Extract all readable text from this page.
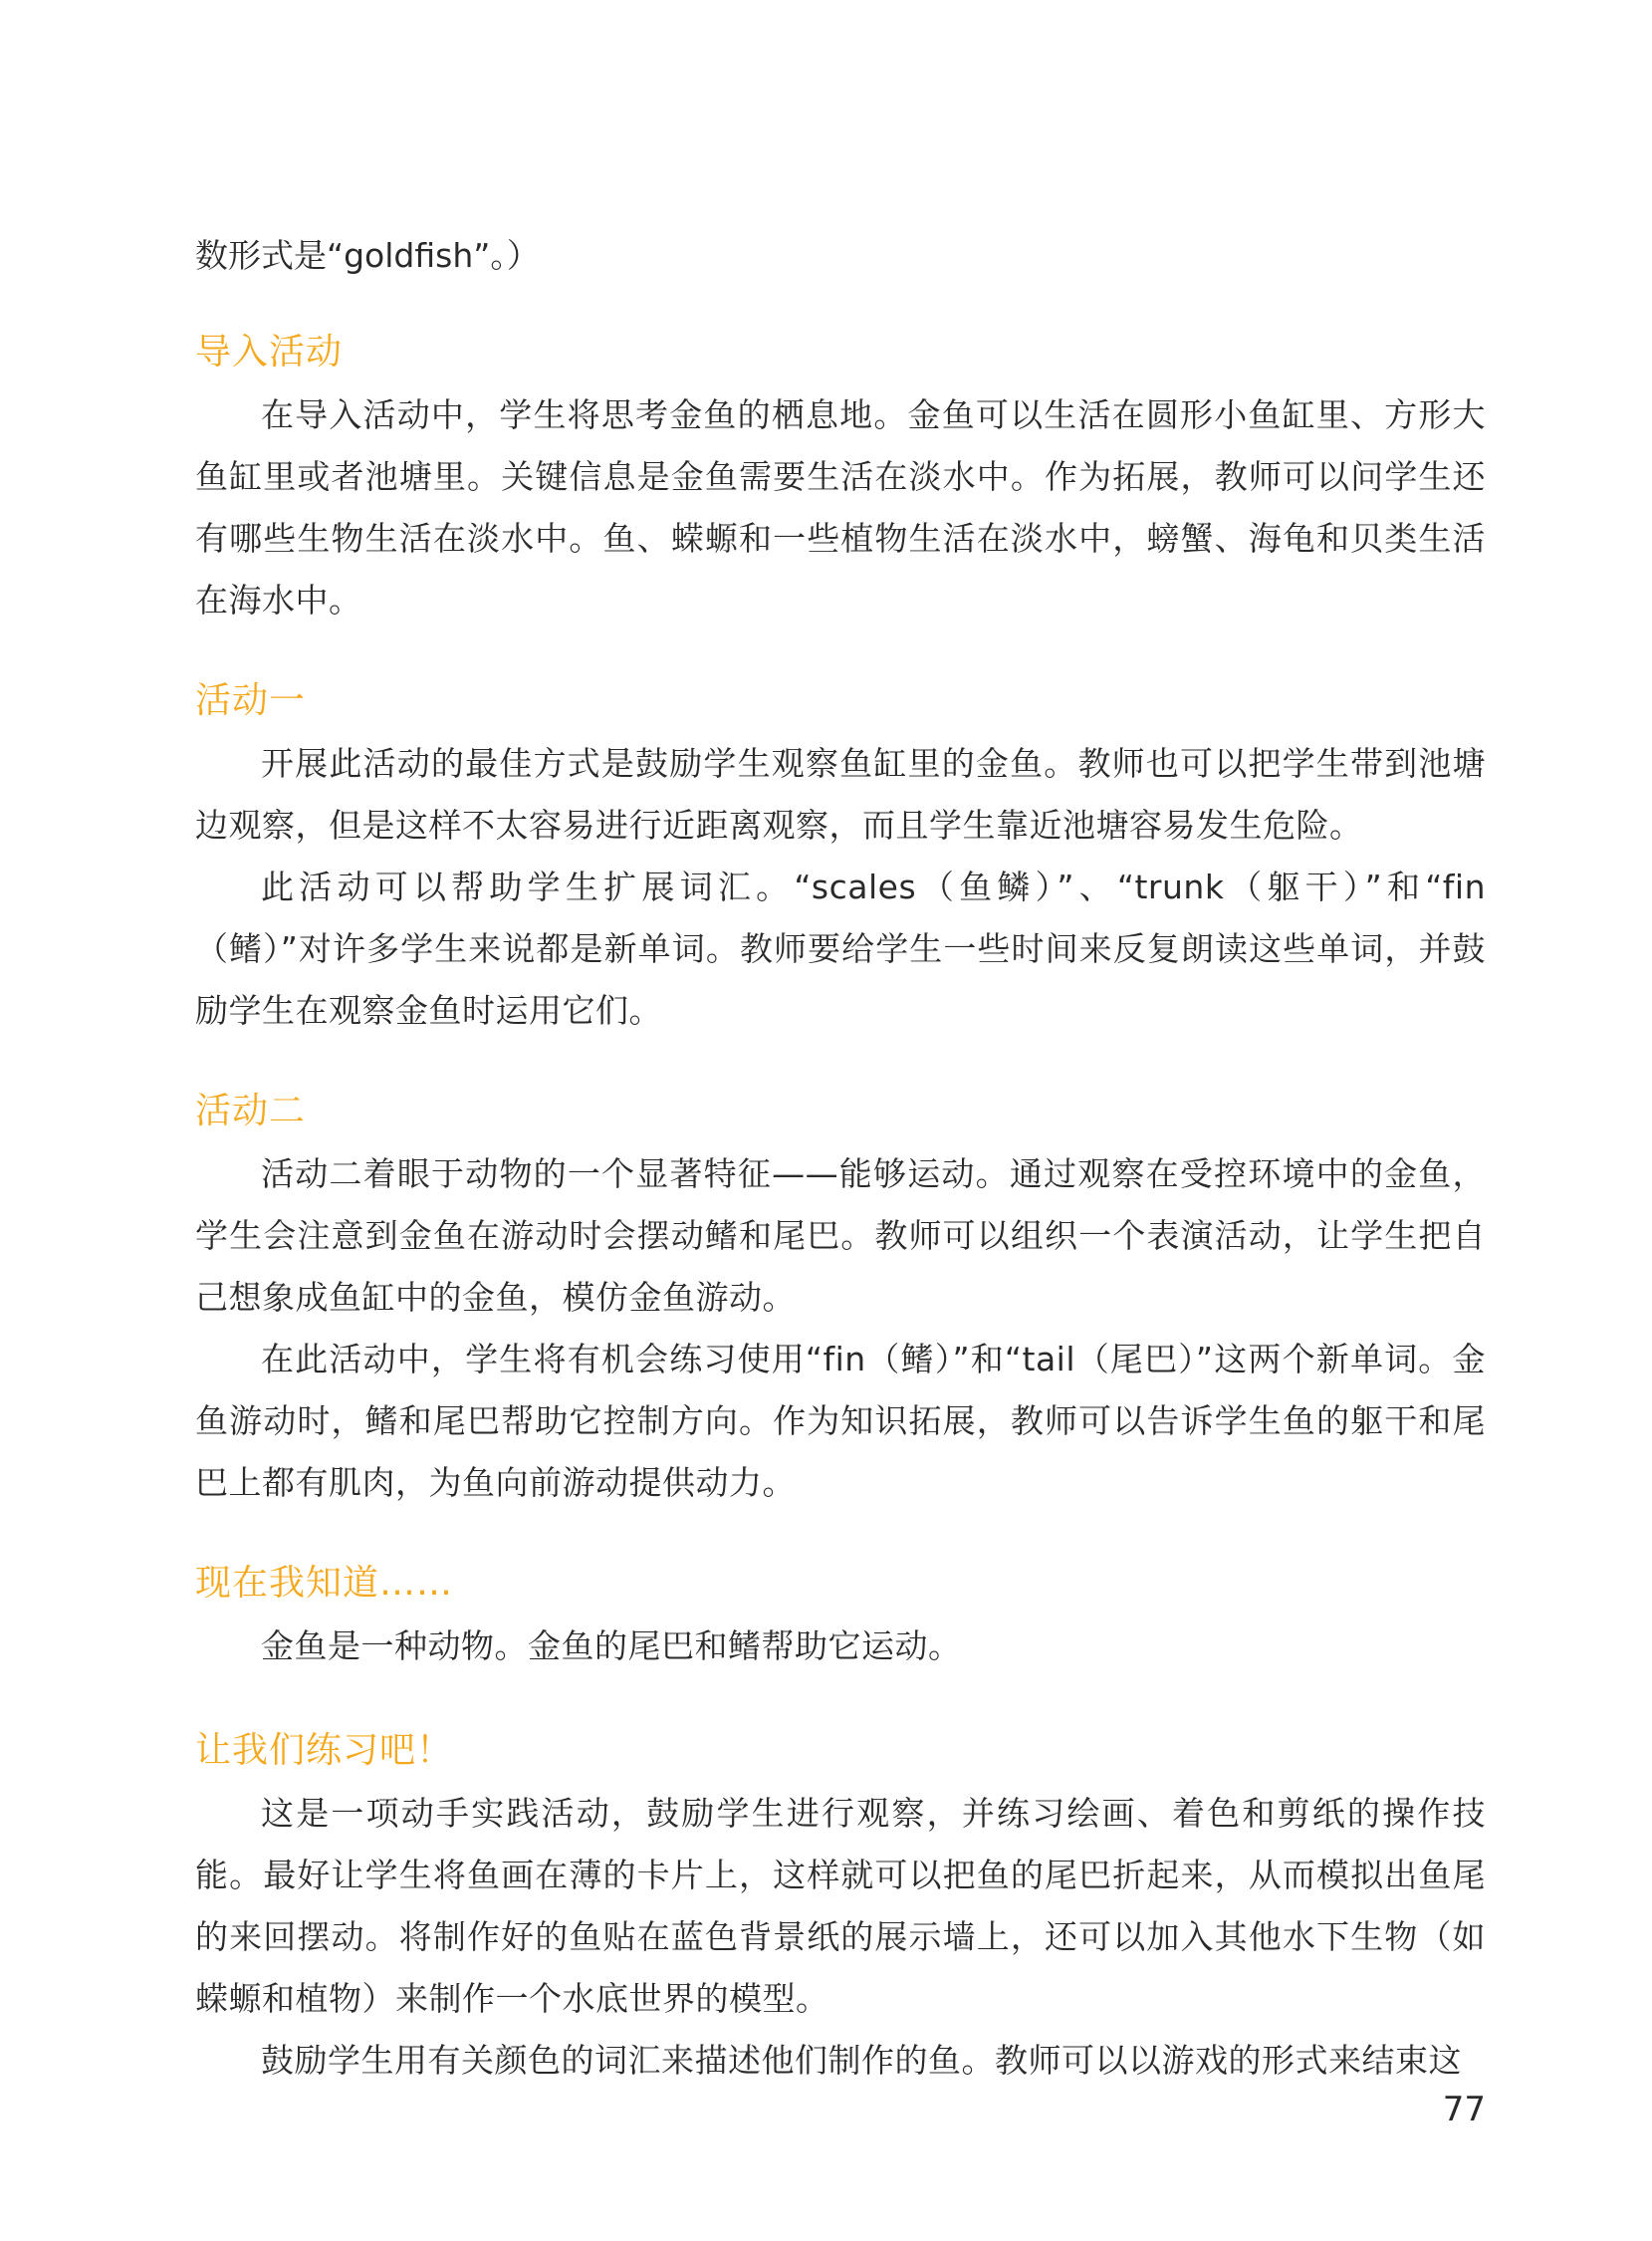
数形式是“goldfish”。）

导入活动

在导入活动中，学生将思考金鱼的栖息地。金鱼可以生活在圆形小鱼缸里、方形大鱼缸里或者池塘里。关键信息是金鱼需要生活在淡水中。作为拓展，教师可以问学生还有哪些生物生活在淡水中。鱼、蝾螈和一些植物生活在淡水中，螃蟹、海龟和贝类生活在海水中。

活动一

开展此活动的最佳方式是鼓励学生观察鱼缸里的金鱼。教师也可以把学生带到池塘边观察，但是这样不太容易进行近距离观察，而且学生靠近池塘容易发生危险。

此活动可以帮助学生扩展词汇。“scales（鱼鳞）”、“trunk（躯干）”和“fin（鳍）”对许多学生来说都是新单词。教师要给学生一些时间来反复朗读这些单词，并鼓励学生在观察金鱼时运用它们。

活动二

活动二着眼于动物的一个显著特征——能够运动。通过观察在受控环境中的金鱼，学生会注意到金鱼在游动时会摆动鳍和尾巴。教师可以组织一个表演活动，让学生把自己想象成鱼缸中的金鱼，模仿金鱼游动。

在此活动中，学生将有机会练习使用“fin（鳍）”和“tail（尾巴）”这两个新单词。金鱼游动时，鳍和尾巴帮助它控制方向。作为知识拓展，教师可以告诉学生鱼的躯干和尾巴上都有肌肉，为鱼向前游动提供动力。

现在我知道……

金鱼是一种动物。金鱼的尾巴和鳍帮助它运动。

让我们练习吧！

这是一项动手实践活动，鼓励学生进行观察，并练习绘画、着色和剪纸的操作技能。最好让学生将鱼画在薄的卡片上，这样就可以把鱼的尾巴折起来，从而模拟出鱼尾的来回摆动。将制作好的鱼贴在蓝色背景纸的展示墙上，还可以加入其他水下生物（如蝾螈和植物）来制作一个水底世界的模型。

鼓励学生用有关颜色的词汇来描述他们制作的鱼。教师可以以游戏的形式来结束这

77
